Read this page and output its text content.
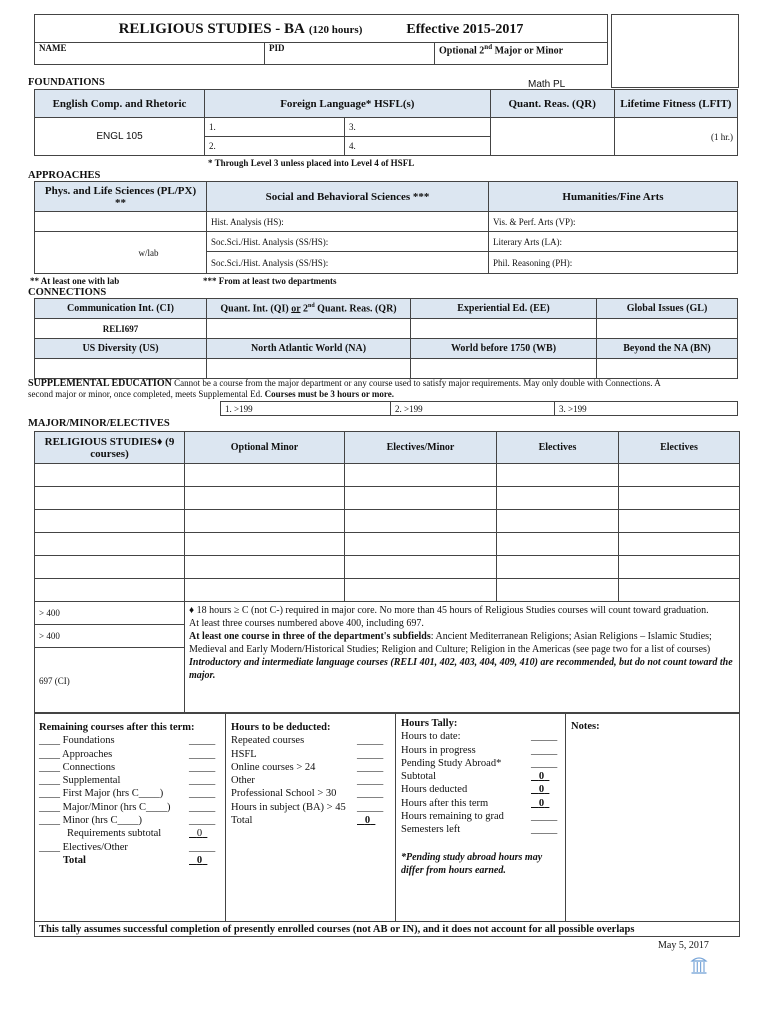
RELIGIOUS STUDIES - BA (120 hours)	Effective 2015-2017
NAME	PID	Optional 2nd Major or Minor
FOUNDATIONS	Math PL
English Comp. and Rhetoric	Foreign Language* HSFL(s)		Quant. Reas. (QR)	Lifetime Fitness (LFIT)
ENGL 105	1.	3.		(1 hr.)
	2.	4.		
* Through Level 3 unless placed into Level 4 of HSFL
APPROACHES
Phys. and Life Sciences (PL/PX) **	Social and Behavioral Sciences ***	Humanities/Fine Arts
	Hist. Analysis (HS):	Vis. & Perf. Arts (VP):
w/lab	Soc.Sci./Hist. Analysis (SS/HS):	Literary Arts (LA):
	Soc.Sci./Hist. Analysis (SS/HS):	Phil. Reasoning (PH):
** At least one with lab	*** From at least two departments
CONNECTIONS
Communication Int. (CI)	Quant. Int. (QI) or 2nd Quant. Reas. (QR)	Experiential Ed. (EE)	Global Issues (GL)
RELI697			
US Diversity (US)	North Atlantic World (NA)	World before 1750 (WB)	Beyond the NA (BN)

SUPPLEMENTAL EDUCATION Cannot be a course from the major department or any course used to satisfy major requirements. May only double with Connections. A
second major or minor, once completed, meets Supplemental Ed. Courses must be 3 hours or more.
1. >199	2. >199	3. >199
MAJOR/MINOR/ELECTIVES
RELIGIOUS STUDIES♦ (9 courses)	Optional Minor	Electives/Minor	Electives	Electives

> 400	♦ 18 hours ≥ C (not C-) required in major core. No more than 45 hours of Religious Studies courses will count toward graduation.
At least three courses numbered above 400, including 697.
At least one course in three of the department's subfields: Ancient Mediterranean Religions; Asian Religions – Islamic Studies; Medieval and Early Modern/Historical Studies; Religion and Culture; Religion in the Americas (see page two for a list of courses)
Introductory and intermediate language courses (RELI 401, 402, 403, 404, 409, 410) are recommended, but do not count toward the major.			

> 400				
697 (CI)				
Remaining courses after this term:
____ Foundations	_____
____ Approaches	_____
____ Connections	_____
____ Supplemental	_____
____ First Major (hrs C____) _____
____ Major/Minor (hrs C____) _____
____ Minor (hrs C____)	_____
Requirements subtotal	0
____ Electives/Other	_____
Total	0
Hours to be deducted:
Repeated courses	_____
HSFL	_____
Online courses > 24	_____
Other	_____
Professional School > 30 _____
Hours in subject (BA) > 45 _____
Total	0
Hours Tally:
Hours to date:	_____
Hours in progress	_____
Pending Study Abroad*	_____
Subtotal	0
Hours deducted	0
Hours after this term	0
Hours remaining to grad	_____
Semesters left	_____
*Pending study abroad hours may differ from hours earned.
Notes:
This tally assumes successful completion of presently enrolled courses (not AB or IN), and it does not account for all possible overlaps
May 5, 2017
